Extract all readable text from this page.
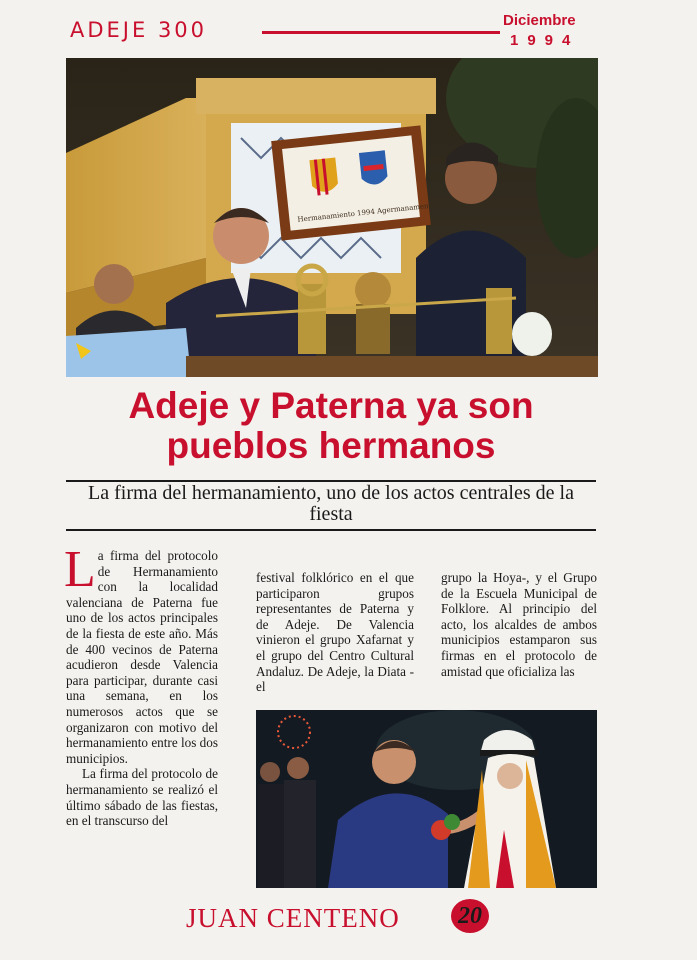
ADEJE 300	Diciembre
1994
Hermanamiento 1994 Agermanament
Adeje y Paterna ya son pueblos hermanos
La firma del hermanamiento, uno de los actos centrales de la fiesta

La firma del protocolo de Hermanamiento con la localidad valenciana de Paterna fue uno de los actos principales de la fiesta de este año. Más de 400 vecinos de Paterna acudieron desde Valencia para participar, durante casi una semana, en los numerosos actos que se organizaron con motivo del hermanamiento entre los dos municipios.

La firma del protocolo de hermanamiento se realizó el último sábado de las fiestas, en el transcurso del

festival folklórico en el que participaron grupos representantes de Paterna y de Adeje. De Valencia vinieron el grupo Xafarnat y el grupo del Centro Cultural Andaluz. De Adeje, la Diata -el

grupo la Hoya-, y el Grupo de la Escuela Municipal de Folklore. Al principio del acto, los alcaldes de ambos municipios estamparon sus firmas en el protocolo de amistad que oficializa las

JUAN CENTENO 20
